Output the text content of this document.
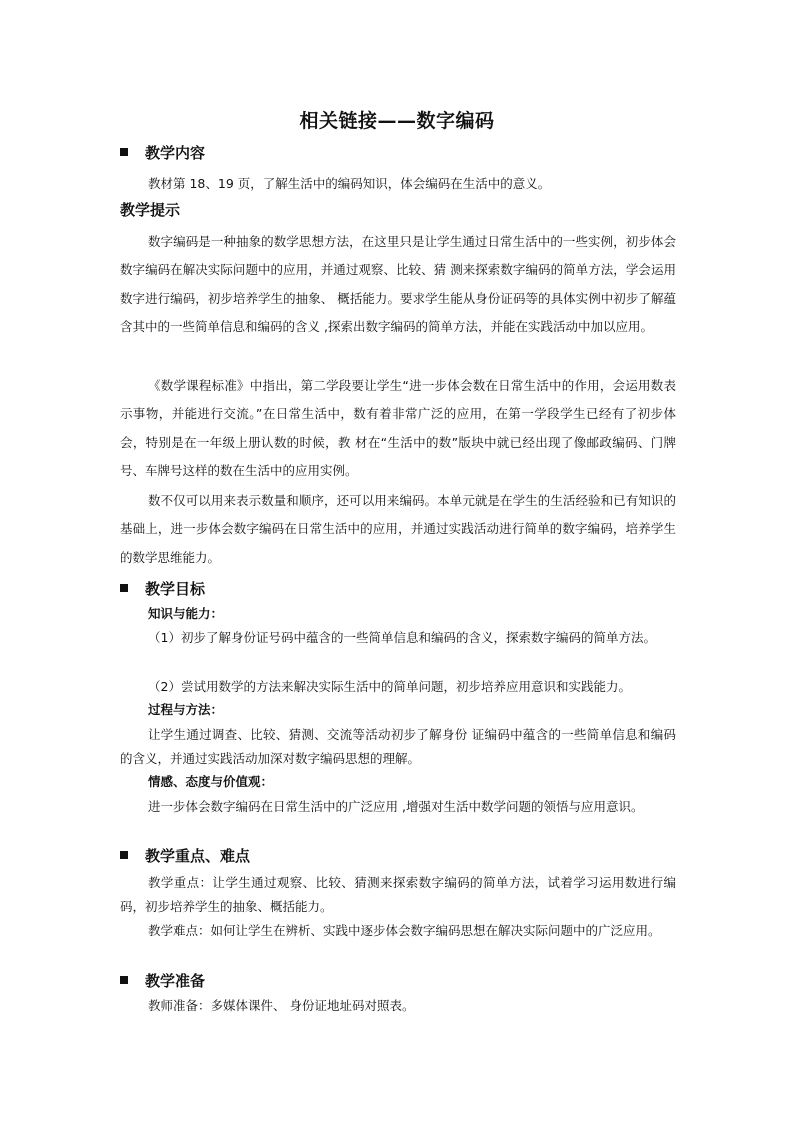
相关链接——数字编码
教学内容

教材第 18、19 页，了解生活中的编码知识，体会编码在生活中的意义。

教学提示

数字编码是一种抽象的数学思想方法，在这里只是让学生通过日常生活中的一些实例，初步体会数字编码在解决实际问题中的应用，并通过观察、比较、猜 测来探索数字编码的简单方法，学会运用数字进行编码，初步培养学生的抽象、 概括能力。要求学生能从身份证码等的具体实例中初步了解蕴含其中的一些简单信息和编码的含义 ,探索出数字编码的简单方法，并能在实践活动中加以应用。

《数学课程标准》中指出，第二学段要让学生“进一步体会数在日常生活中的作用，会运用数表示事物，并能进行交流。”在日常生活中，数有着非常广泛的应用，在第一学段学生已经有了初步体会，特别是在一年级上册认数的时候，教 材在“生活中的数”版块中就已经出现了像邮政编码、门牌号、车牌号这样的数在生活中的应用实例。

数不仅可以用来表示数量和顺序，还可以用来编码。本单元就是在学生的生活经验和已有知识的基础上，进一步体会数字编码在日常生活中的应用，并通过实践活动进行简单的数字编码，培养学生的数学思维能力。

教学目标
知识与能力：

（1）初步了解身份证号码中蕴含的一些简单信息和编码的含义，探索数字编码的简单方法。

（2）尝试用数学的方法来解决实际生活中的简单问题，初步培养应用意识和实践能力。

过程与方法：

让学生通过调查、比较、猜测、交流等活动初步了解身份 证编码中蕴含的一些简单信息和编码的含义，并通过实践活动加深对数字编码思想的理解。

情感、态度与价值观：

进一步体会数字编码在日常生活中的广泛应用 ,增强对生活中数学问题的领悟与应用意识。

教学重点、难点

教学重点：让学生通过观察、比较、猜测来探索数字编码的简单方法，试着学习运用数进行编码，初步培养学生的抽象、概括能力。

教学难点：如何让学生在辨析、实践中逐步体会数字编码思想在解决实际问题中的广泛应用。

教学准备
教师准备：多媒体课件、 身份证地址码对照表。
